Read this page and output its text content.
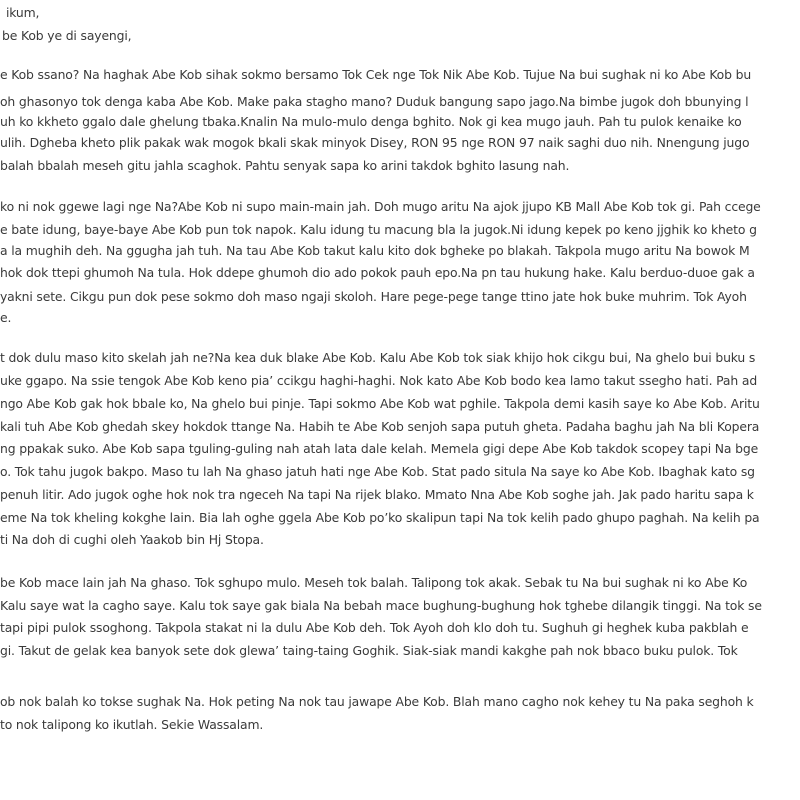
ikum,
be Kob ye di sayengi,
e Kob ssano? Na haghak Abe Kob sihak sokmo bersamo Tok Cek nge Tok Nik Abe Kob. Tujue Na bui sughak ni ko Abe Kob bu
oh ghasonyo tok denga kaba Abe Kob. Make paka stagho mano? Duduk bangung sapo jago.Na bimbe jugok doh bbunying l
uh ko kkheto ggalo dale ghelung tbaka.Knalin Na mulo-mulo denga bghito. Nok gi kea mugo jauh. Pah tu pulok kenaike ko
ulih. Dgheba kheto plik pakak wak mogok bkali skak minyok Disey, RON 95 nge RON 97 naik saghi duo nih. Nnengung jugo
balah bbalah meseh gitu jahla scaghok. Pahtu senyak sapa ko arini takdok bghito lasung nah.
ko ni nok ggewe lagi nge Na?Abe Kob ni supo main-main jah. Doh mugo aritu Na ajok jjupo KB Mall Abe Kob tok gi. Pah ccege
e bate idung, baye-baye Abe Kob pun tok napok. Kalu idung tu macung bla la jugok.Ni idung kepek po keno jjghik ko kheto g
a la mughih deh. Na ggugha jah tuh. Na tau Abe Kob takut kalu kito dok bgheke po blakah. Takpola mugo aritu Na bowok M
hok dok ttepi ghumoh Na tula. Hok ddepe ghumoh dio ado pokok pauh epo.Na pn tau hukung hake. Kalu berduo-duoe gak a
yakni sete. Cikgu pun dok pese sokmo doh maso ngaji skoloh. Hare pege-pege tange ttino jate hok buke muhrim. Tok Ayoh
e.
t dok dulu maso kito skelah jah ne?Na kea duk blake Abe Kob. Kalu Abe Kob tok siak khijo hok cikgu bui, Na ghelo bui buku s
uke ggapo. Na ssie tengok Abe Kob keno pia’ ccikgu haghi-haghi. Nok kato Abe Kob bodo kea lamo takut ssegho hati. Pah ad
ngo Abe Kob gak hok bbale ko, Na ghelo bui pinje. Tapi sokmo Abe Kob wat pghile. Takpola demi kasih saye ko Abe Kob. Aritu
kali tuh Abe Kob ghedah skey hokdok ttange Na. Habih te Abe Kob senjoh sapa putuh gheta. Padaha baghu jah Na bli Kopera
ng ppakak suko. Abe Kob sapa tguling-guling nah atah lata dale kelah. Memela gigi depe Abe Kob takdok scopey tapi Na bge
o. Tok tahu jugok bakpo. Maso tu lah Na ghaso jatuh hati nge Abe Kob. Stat pado situla Na saye ko Abe Kob. Ibaghak kato sg
penuh litir. Ado jugok oghe hok nok tra ngeceh Na tapi Na rijek blako. Mmato Nna Abe Kob soghe jah. Jak pado haritu sapa k
eme Na tok kheling kokghe lain. Bia lah oghe ggela Abe Kob po’ko skalipun tapi Na tok kelih pado ghupo paghah. Na kelih pa
ti Na doh di cughi oleh Yaakob bin Hj Stopa.
be Kob mace lain jah Na ghaso. Tok sghupo mulo. Meseh tok balah. Talipong tok akak. Sebak tu Na bui sughak ni ko Abe Ko
Kalu saye wat la cagho saye. Kalu tok saye gak biala Na bebah mace bughung-bughung hok tghebe dilangik tinggi. Na tok se
tapi pipi pulok ssoghong. Takpola stakat ni la dulu Abe Kob deh. Tok Ayoh doh klo doh tu. Sughuh gi heghek kuba pakblah e
gi. Takut de gelak kea banyok sete dok glewa’ taing-taing Goghik. Siak-siak mandi kakghe pah nok bbaco buku pulok. Tok
ob nok balah ko tokse sughak Na. Hok peting Na nok tau jawape Abe Kob. Blah mano cagho nok kehey tu Na paka seghoh k
to nok talipong ko ikutlah. Sekie Wassalam.
